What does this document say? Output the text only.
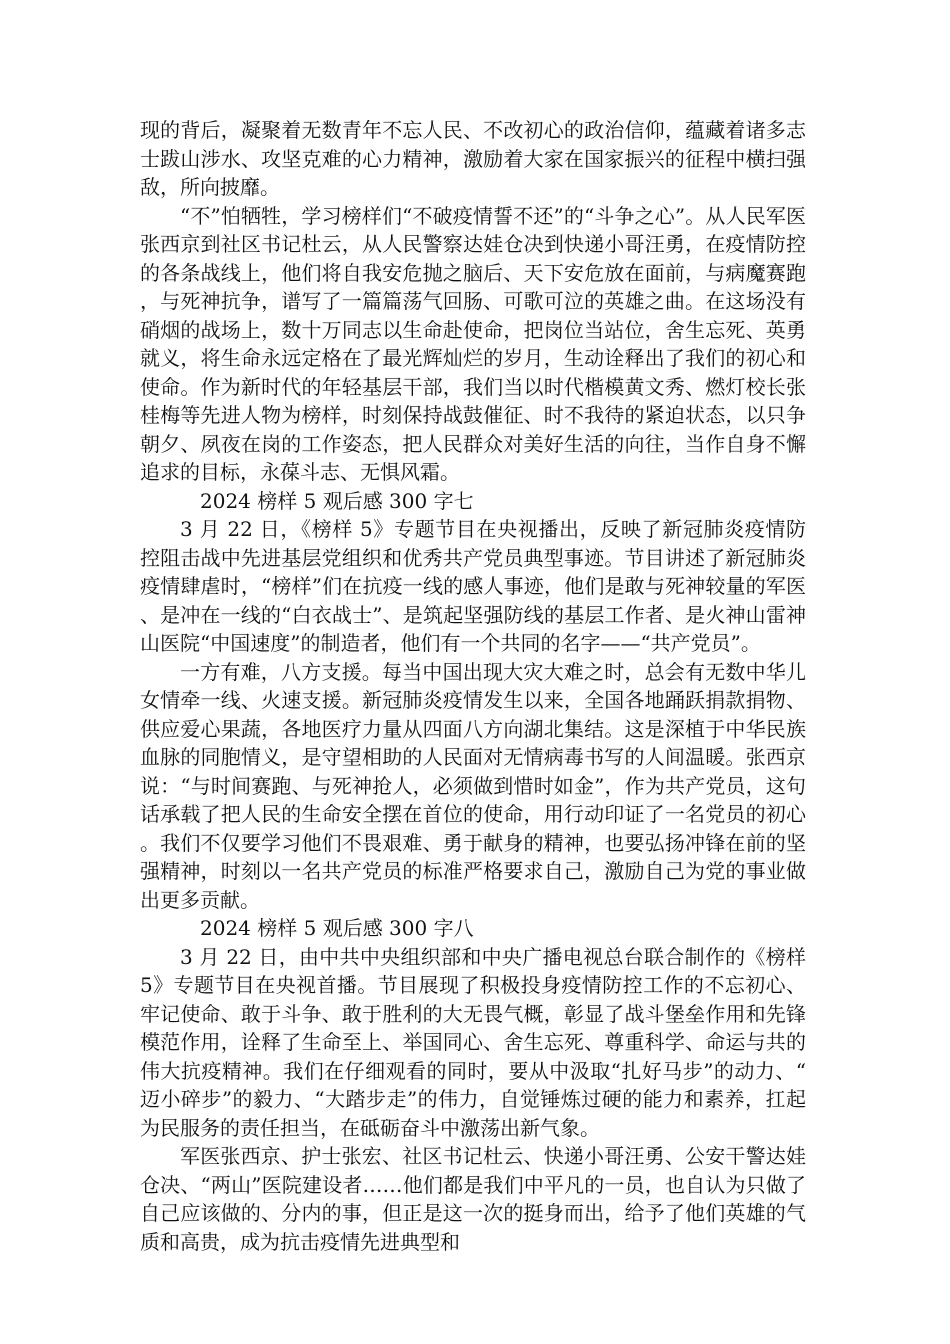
现的背后，凝聚着无数青年不忘人民、不改初心的政治信仰，蕴藏着诸多志士跋山涉水、攻坚克难的心力精神，激励着大家在国家振兴的征程中横扫强敌，所向披靡。

“不”怕牺牲，学习榜样们“不破疫情誓不还”的“斗争之心”。从人民军医张西京到社区书记杜云，从人民警察达娃仓决到快递小哥汪勇，在疫情防控的各条战线上，他们将自我安危抛之脑后、天下安危放在面前，与病魔赛跑，与死神抗争，谱写了一篇篇荡气回肠、可歌可泣的英雄之曲。在这场没有硝烟的战场上，数十万同志以生命赴使命，把岗位当站位，舍生忘死、英勇就义，将生命永远定格在了最光辉灿烂的岁月，生动诠释出了我们的初心和使命。作为新时代的年轻基层干部，我们当以时代楷模黄文秀、燃灯校长张桂梅等先进人物为榜样，时刻保持战鼓催征、时不我待的紧迫状态，以只争朝夕、夙夜在岗的工作姿态，把人民群众对美好生活的向往，当作自身不懈追求的目标，永葆斗志、无惧风霜。

2024 榜样 5 观后感 300 字七

3 月 22 日，《榜样 5》专题节目在央视播出，反映了新冠肺炎疫情防控阻击战中先进基层党组织和优秀共产党员典型事迹。节目讲述了新冠肺炎疫情肆虐时，“榜样”们在抗疫一线的感人事迹，他们是敢与死神较量的军医、是冲在一线的“白衣战士”、是筑起坚强防线的基层工作者、是火神山雷神山医院“中国速度”的制造者，他们有一个共同的名字——“共产党员”。

一方有难，八方支援。每当中国出现大灾大难之时，总会有无数中华儿女情牵一线、火速支援。新冠肺炎疫情发生以来，全国各地踊跃捐款捐物、供应爱心果蔬，各地医疗力量从四面八方向湖北集结。这是深植于中华民族血脉的同胞情义，是守望相助的人民面对无情病毒书写的人间温暖。张西京说：“与时间赛跑、与死神抢人，必须做到惜时如金”，作为共产党员，这句话承载了把人民的生命安全摆在首位的使命，用行动印证了一名党员的初心。我们不仅要学习他们不畏艰难、勇于献身的精神，也要弘扬冲锋在前的坚强精神，时刻以一名共产党员的标准严格要求自己，激励自己为党的事业做出更多贡献。

2024 榜样 5 观后感 300 字八

3 月 22 日，由中共中央组织部和中央广播电视总台联合制作的《榜样 5》专题节目在央视首播。节目展现了积极投身疫情防控工作的不忘初心、牢记使命、敢于斗争、敢于胜利的大无畏气概，彰显了战斗堡垒作用和先锋模范作用，诠释了生命至上、举国同心、舍生忘死、尊重科学、命运与共的伟大抗疫精神。我们在仔细观看的同时，要从中汲取“扎好马步”的动力、“迈小碎步”的毅力、“大踏步走”的伟力，自觉锤炼过硬的能力和素养，扛起为民服务的责任担当，在砥砺奋斗中激荡出新气象。

军医张西京、护士张宏、社区书记杜云、快递小哥汪勇、公安干警达娃仓决、“两山”医院建设者……他们都是我们中平凡的一员，也自认为只做了自己应该做的、分内的事，但正是这一次的挺身而出，给予了他们英雄的气质和高贵，成为抗击疫情先进典型和
